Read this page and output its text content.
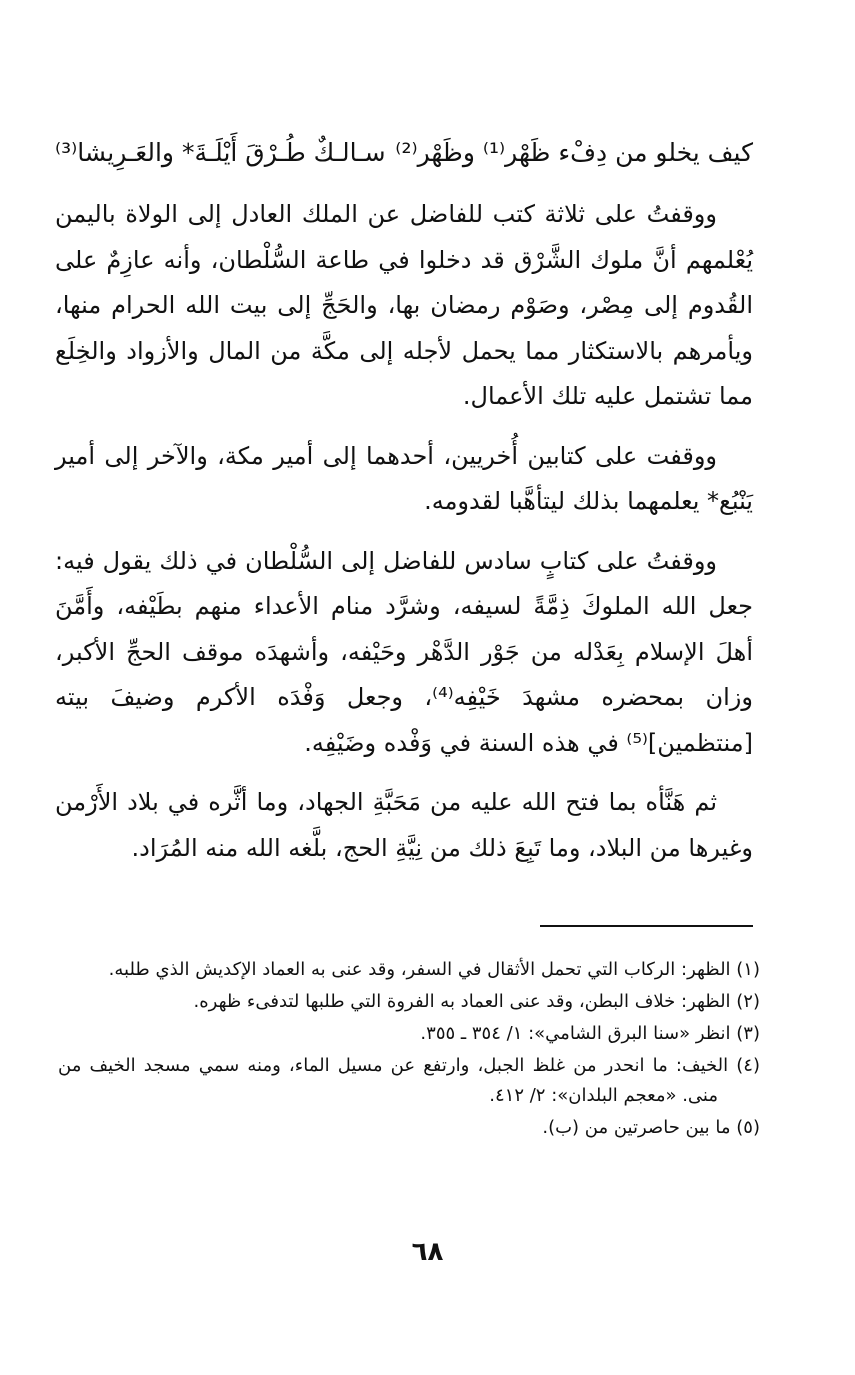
كيف يخلو من دِفْء ظَهْر⁽¹⁾ وظَهْر⁽²⁾
سـالـكٌ طُـرْقَ أَيْلَـةَ* والعَـرِيشا⁽³⁾

ووقفتُ على ثلاثة كتب للفاضل عن الملك العادل إلى الولاة باليمن يُعْلمهم أنَّ ملوك الشَّرْق قد دخلوا في طاعة السُّلْطان، وأنه عازِمٌ على القُدوم إلى مِصْر، وصَوْم رمضان بها، والحَجِّ إلى بيت الله الحرام منها، ويأمرهم بالاستكثار مما يحمل لأجله إلى مكَّة من المال والأزواد والخِلَع مما تشتمل عليه تلك الأعمال.

ووقفت على كتابين أُخريين، أحدهما إلى أمير مكة، والآخر إلى أمير يَنْبُع* يعلمهما بذلك ليتأهَّبا لقدومه.

ووقفتُ على كتابٍ سادس للفاضل إلى السُّلْطان في ذلك يقول فيه: جعل الله الملوكَ ذِمَّةً لسيفه، وشرَّد منام الأعداء منهم بطَيْفه، وأَمَّنَ أهلَ الإسلام بِعَدْله من جَوْر الدَّهْر وحَيْفه، وأشهدَه موقف الحجِّ الأكبر، وزان بمحضره مشهدَ خَيْفِه⁽⁴⁾، وجعل وَفْدَه الأكرم وضيفَ بيته [منتظمين]⁽⁵⁾ في هذه السنة في وَفْده وضَيْفِه.

ثم هَنَّأه بما فتح الله عليه من مَحَبَّةِ الجهاد، وما أثَّره في بلاد الأَرْمن وغيرها من البلاد، وما تَبِعَ ذلك من نِيَّةِ الحج، بلَّغه الله منه المُرَاد.

(١) الظهر: الركاب التي تحمل الأثقال في السفر، وقد عنى به العماد الإكديش الذي طلبه.

(٢) الظهر: خلاف البطن، وقد عنى العماد به الفروة التي طلبها لتدفىء ظهره.

(٣) انظر «سنا البرق الشامي»: ١/ ٣٥٤ ـ ٣٥٥.

(٤) الخيف: ما انحدر من غلظ الجبل، وارتفع عن مسيل الماء، ومنه سمي مسجد الخيف من منى. «معجم البلدان»: ٢/ ٤١٢.

(٥) ما بين حاصرتين من (ب).

٦٨
